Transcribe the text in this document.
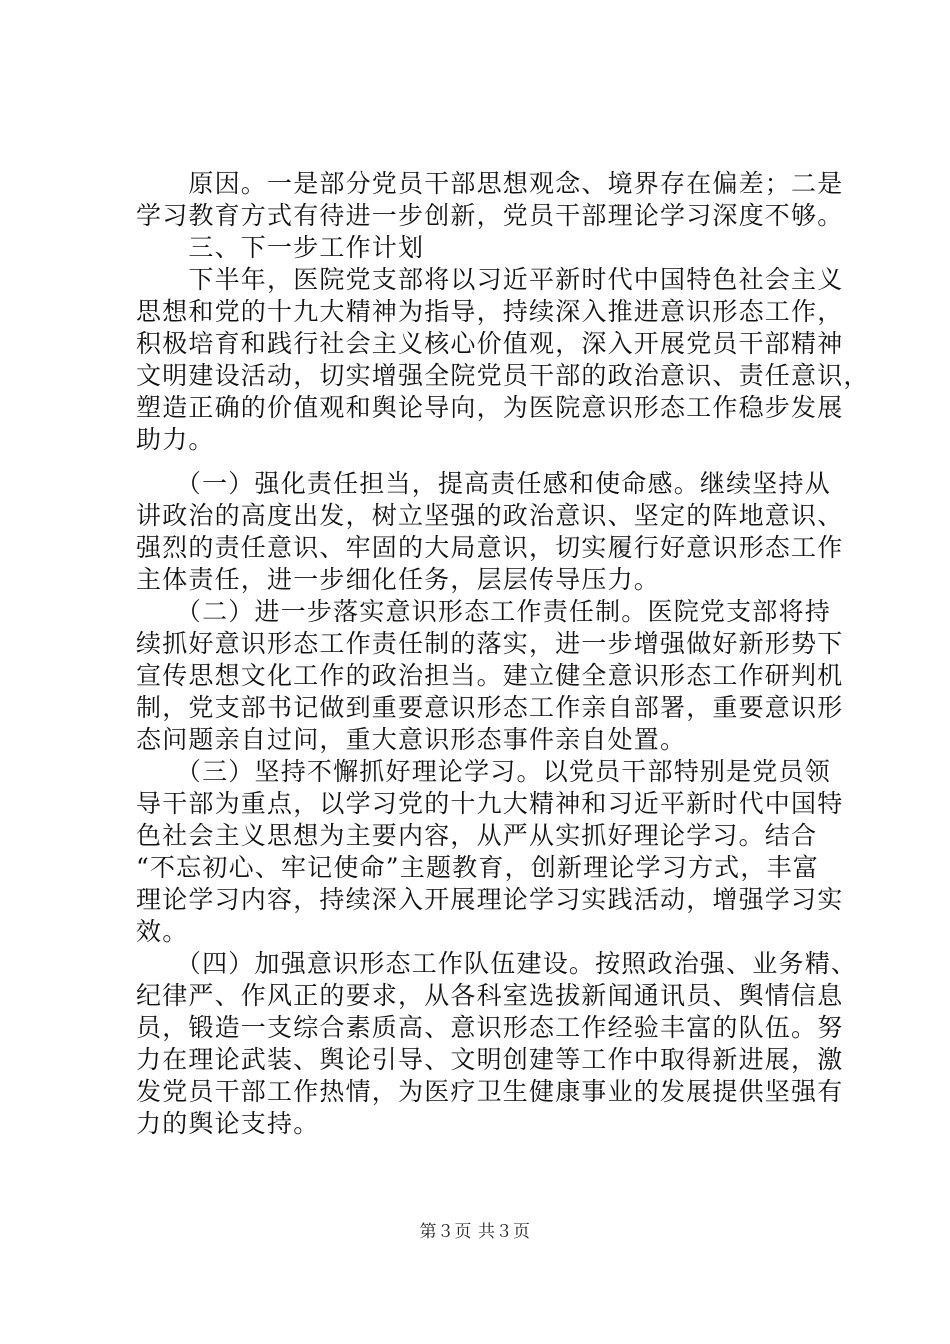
　　原因。一是部分党员干部思想观念、境界存在偏差；二是
学习教育方式有待进一步创新，党员干部理论学习深度不够。
　　三、下一步工作计划
　　下半年，医院党支部将以习近平新时代中国特色社会主义
思想和党的十九大精神为指导，持续深入推进意识形态工作，
积极培育和践行社会主义核心价值观，深入开展党员干部精神
文明建设活动，切实增强全院党员干部的政治意识、责任意识，
塑造正确的价值观和舆论导向，为医院意识形态工作稳步发展
助力。
　　（一）强化责任担当，提高责任感和使命感。继续坚持从
讲政治的高度出发，树立坚强的政治意识、坚定的阵地意识、
强烈的责任意识、牢固的大局意识，切实履行好意识形态工作
主体责任，进一步细化任务，层层传导压力。
　　（二）进一步落实意识形态工作责任制。医院党支部将持
续抓好意识形态工作责任制的落实，进一步增强做好新形势下
宣传思想文化工作的政治担当。建立健全意识形态工作研判机
制，党支部书记做到重要意识形态工作亲自部署，重要意识形
态问题亲自过问，重大意识形态事件亲自处置。
　　（三）坚持不懈抓好理论学习。以党员干部特别是党员领
导干部为重点，以学习党的十九大精神和习近平新时代中国特
色社会主义思想为主要内容，从严从实抓好理论学习。结合
“不忘初心、牢记使命”主题教育，创新理论学习方式，丰富
理论学习内容，持续深入开展理论学习实践活动，增强学习实
效。
　　（四）加强意识形态工作队伍建设。按照政治强、业务精、
纪律严、作风正的要求，从各科室选拔新闻通讯员、舆情信息
员，锻造一支综合素质高、意识形态工作经验丰富的队伍。努
力在理论武装、舆论引导、文明创建等工作中取得新进展，激
发党员干部工作热情，为医疗卫生健康事业的发展提供坚强有
力的舆论支持。
第３页 共３页
